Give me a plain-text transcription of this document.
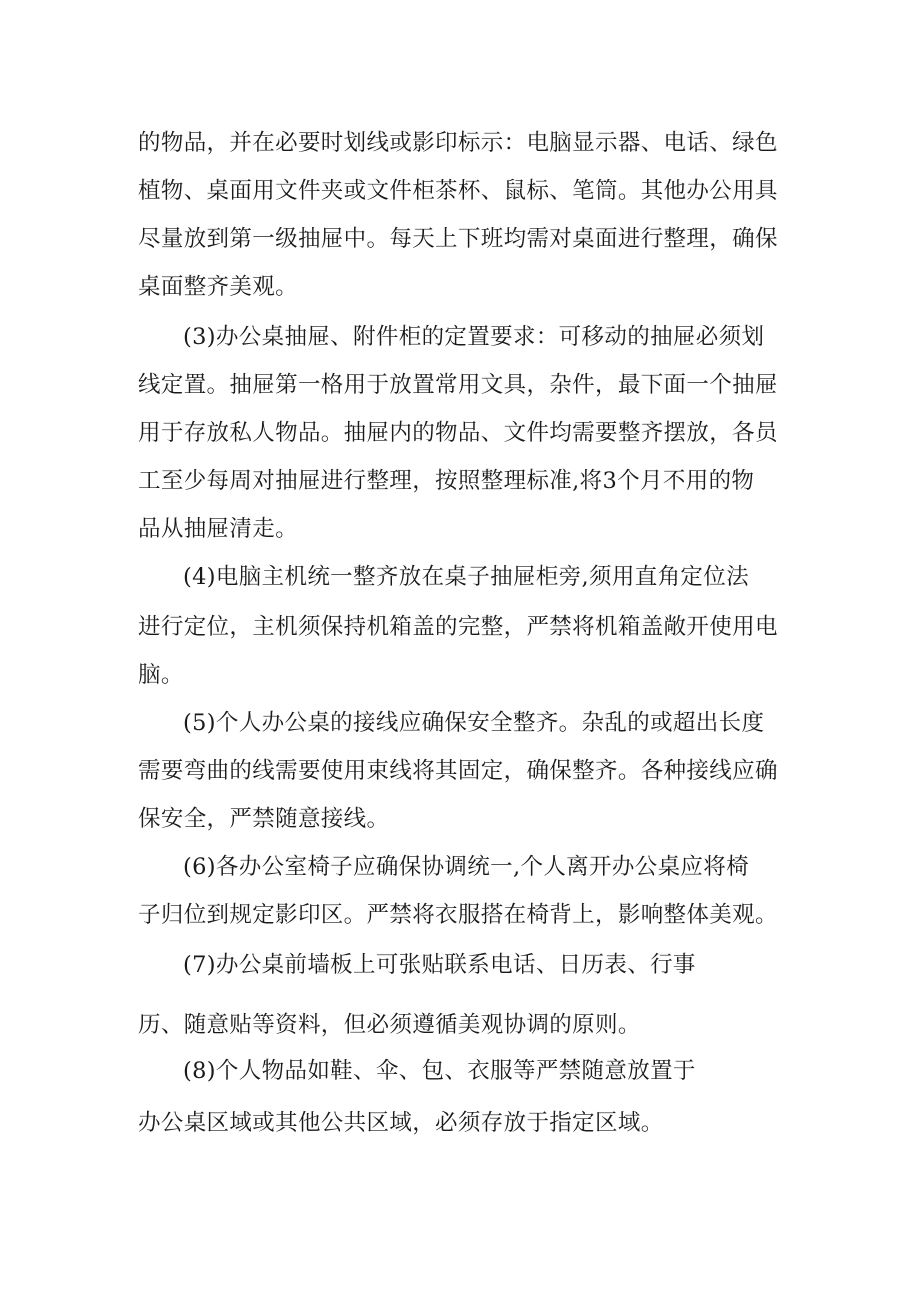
的物品，并在必要时划线或影印标示：电脑显示器、电话、绿色

植物、桌面用文件夹或文件柜茶杯、鼠标、笔筒。其他办公用具

尽量放到第一级抽屉中。每天上下班均需对桌面进行整理，确保

桌面整齐美观。

(3)办公桌抽屉、附件柜的定置要求：可移动的抽屉必须划

线定置。抽屉第一格用于放置常用文具，杂件，最下面一个抽屉

用于存放私人物品。抽屉内的物品、文件均需要整齐摆放，各员

工至少每周对抽屉进行整理，按照整理标准,将3个月不用的物

品从抽屉清走。

(4)电脑主机统一整齐放在桌子抽屉柜旁,须用直角定位法

进行定位，主机须保持机箱盖的完整，严禁将机箱盖敞开使用电

脑。

(5)个人办公桌的接线应确保安全整齐。杂乱的或超出长度

需要弯曲的线需要使用束线将其固定，确保整齐。各种接线应确

保安全，严禁随意接线。

(6)各办公室椅子应确保协调统一,个人离开办公桌应将椅

子归位到规定影印区。严禁将衣服搭在椅背上，影响整体美观。

(7)办公桌前墙板上可张贴联系电话、日历表、行事

历、随意贴等资料，但必须遵循美观协调的原则。

(8)个人物品如鞋、伞、包、衣服等严禁随意放置于

办公桌区域或其他公共区域，必须存放于指定区域。
